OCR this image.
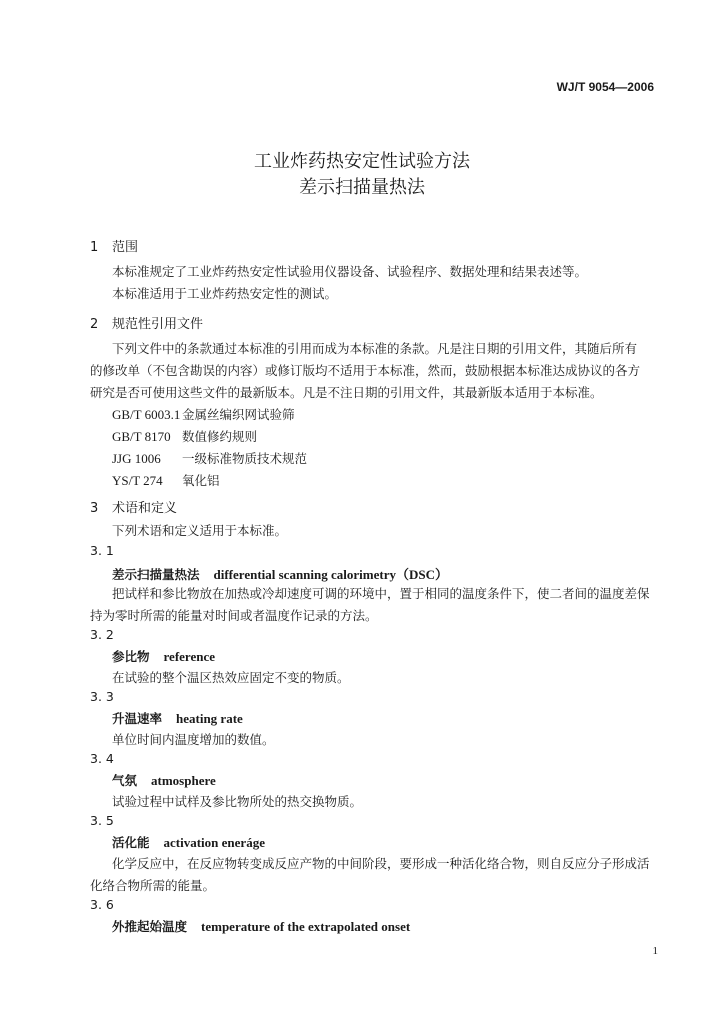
WJ/T 9054—2006
工业炸药热安定性试验方法
差示扫描量热法
1 范围
本标准规定了工业炸药热安定性试验用仪器设备、试验程序、数据处理和结果表述等。
本标准适用于工业炸药热安定性的测试。
2 规范性引用文件
下列文件中的条款通过本标准的引用而成为本标准的条款。凡是注日期的引用文件，其随后所有
的修改单（不包含勘误的内容）或修订版均不适用于本标准，然而，鼓励根据本标准达成协议的各方
研究是否可使用这些文件的最新版本。凡是不注日期的引用文件，其最新版本适用于本标准。
GB/T 6003.1 金属丝编织网试验筛
GB/T 8170 数值修约规则
JJG 1006 一级标准物质技术规范
YS/T 274 氧化铝
3 术语和定义
下列术语和定义适用于本标准。
3. 1
差示扫描量热法 differential scanning calorimetry（DSC）
把试样和参比物放在加热或冷却速度可调的环境中，置于相同的温度条件下，使二者间的温度差保
持为零时所需的能量对时间或者温度作记录的方法。
3. 2
参比物 reference
在试验的整个温区热效应固定不变的物质。
3. 3
升温速率 heating rate
单位时间内温度增加的数值。
3. 4
气氛 atmosphere
试验过程中试样及参比物所处的热交换物质。
3. 5
活化能 activation eneráge
化学反应中，在反应物转变成反应产物的中间阶段，要形成一种活化络合物，则自反应分子形成活
化络合物所需的能量。
3. 6
外推起始温度 temperature of the extrapolated onset
1
